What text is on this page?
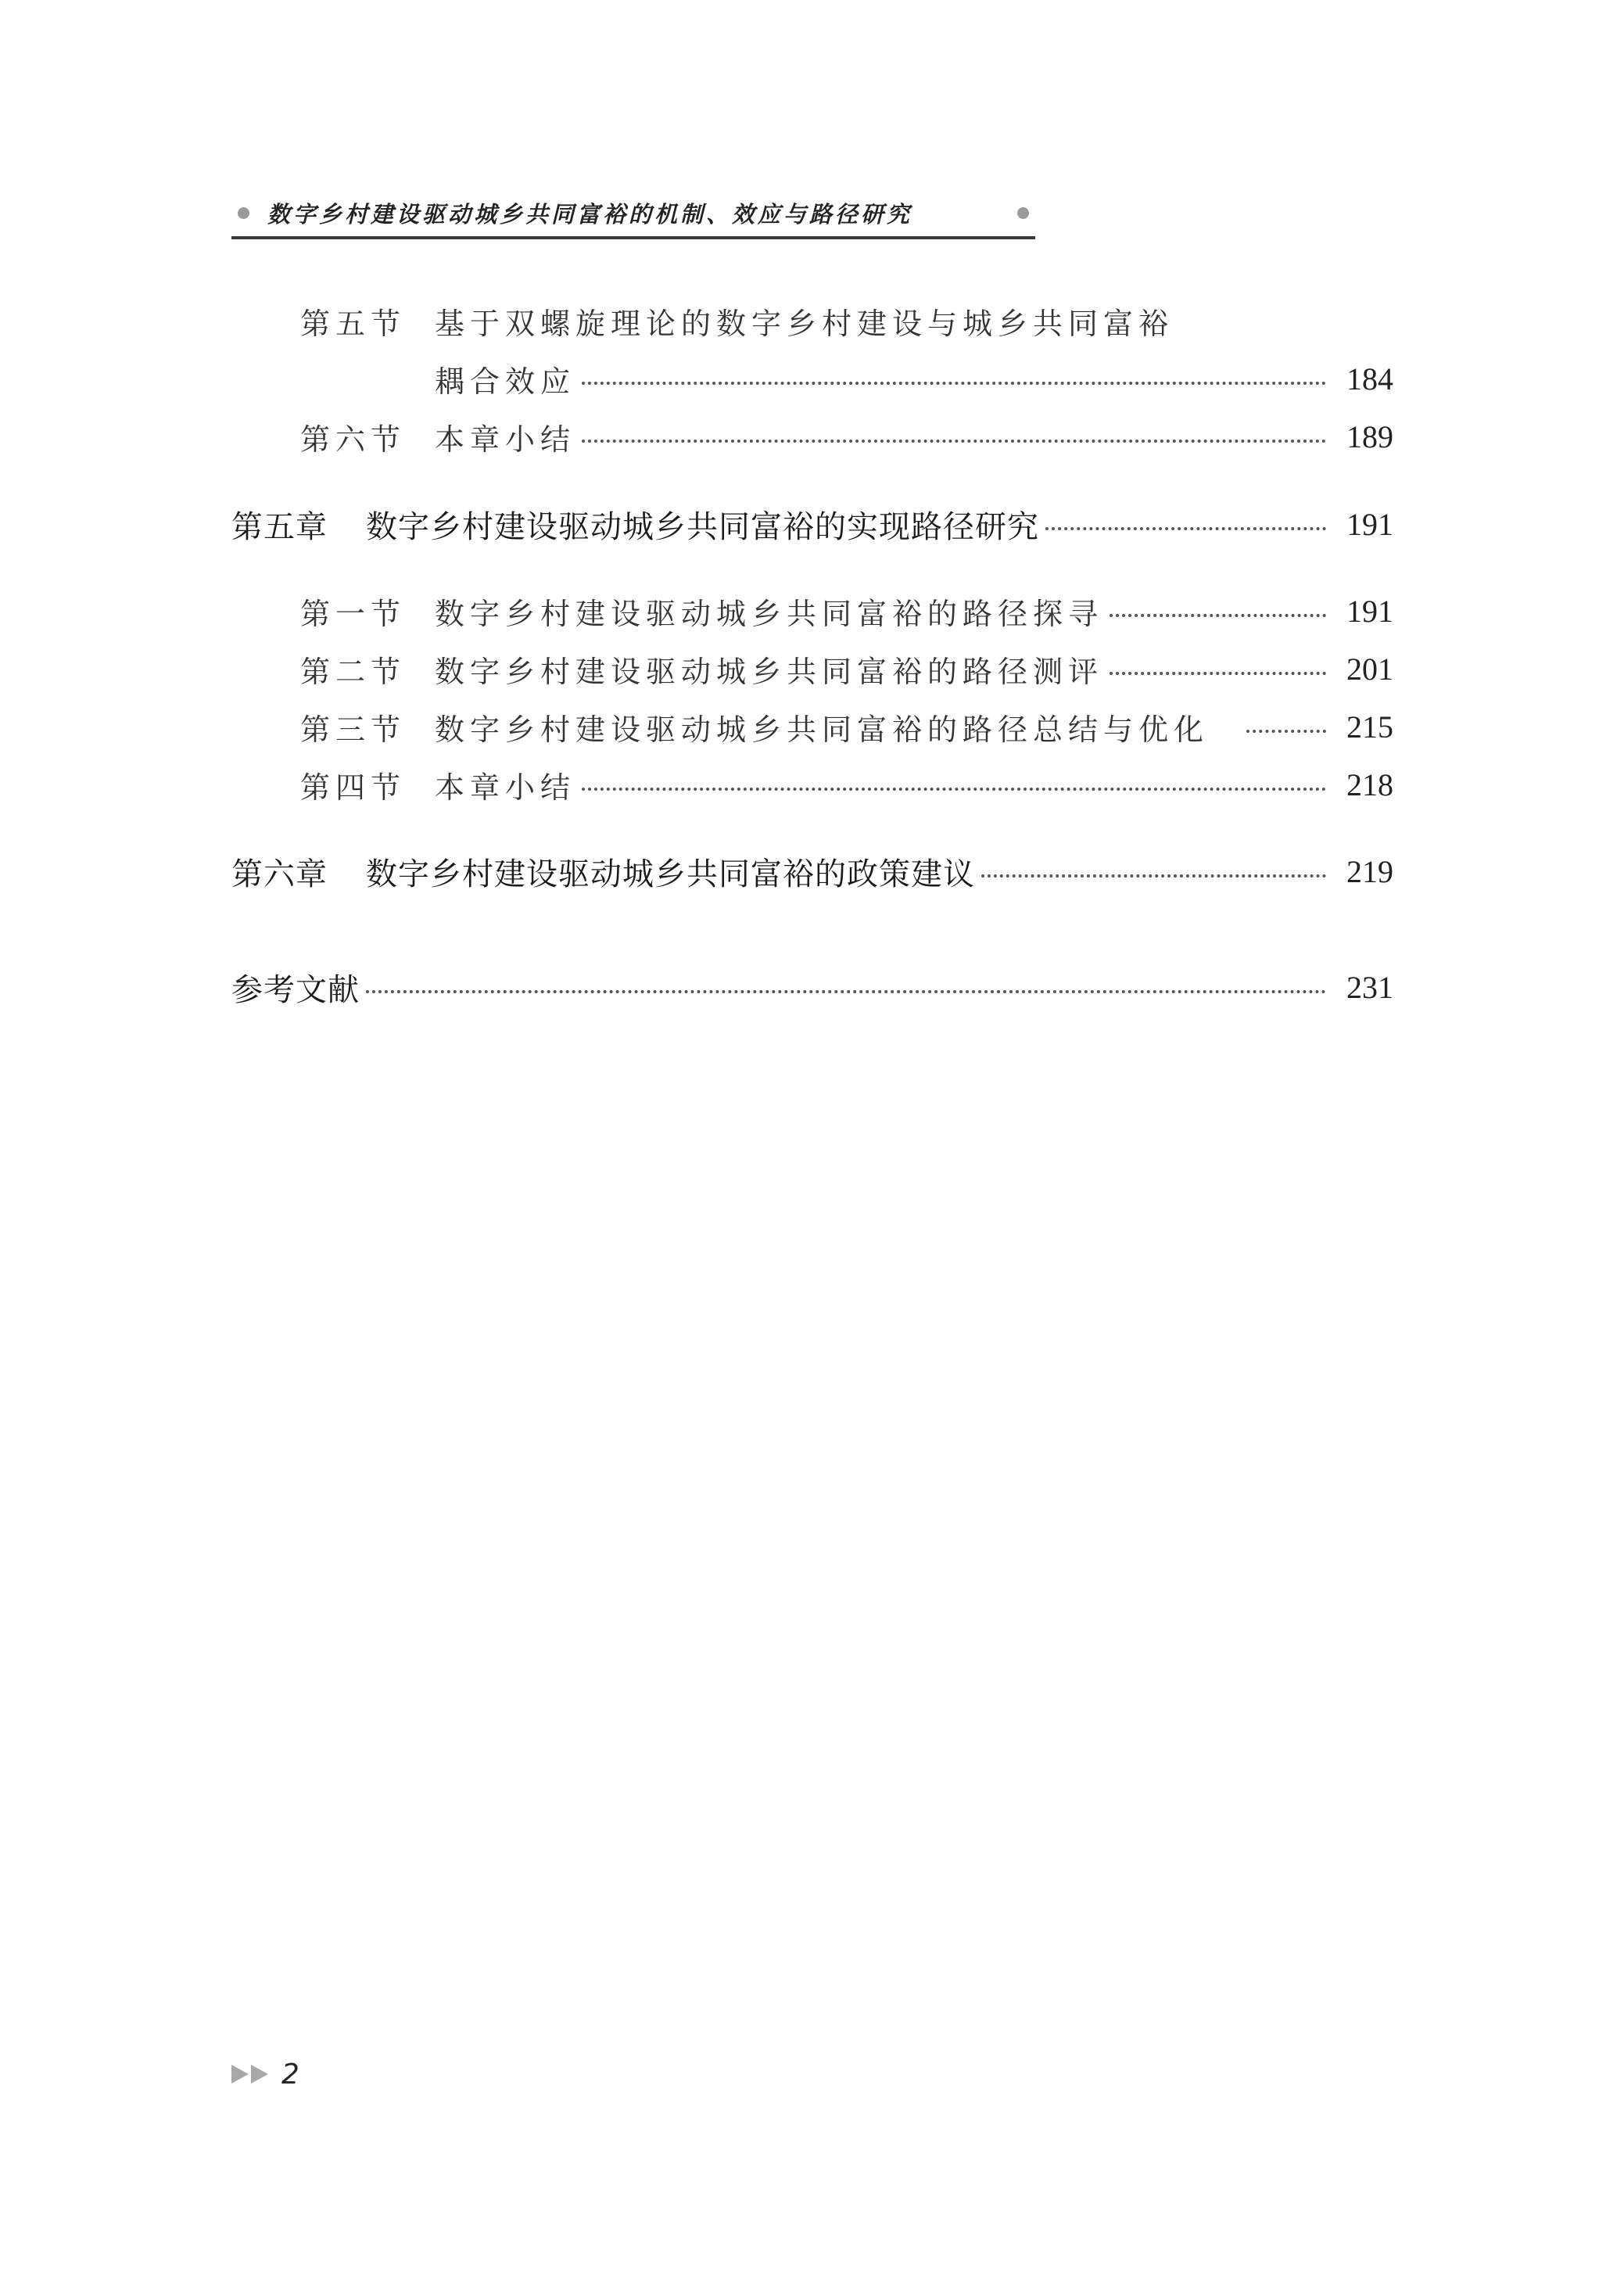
数字乡村建设驱动城乡共同富裕的机制、效应与路径研究
第五节 基于双螺旋理论的数字乡村建设与城乡共同富裕
耦合效应	184
第六节 本章小结	189
第五章	数字乡村建设驱动城乡共同富裕的实现路径研究	191
第一节 数字乡村建设驱动城乡共同富裕的路径探寻	191
第二节 数字乡村建设驱动城乡共同富裕的路径测评	201
第三节 数字乡村建设驱动城乡共同富裕的路径总结与优化	215
第四节 本章小结	218
第六章	数字乡村建设驱动城乡共同富裕的政策建议	219
参考文献	231
2
